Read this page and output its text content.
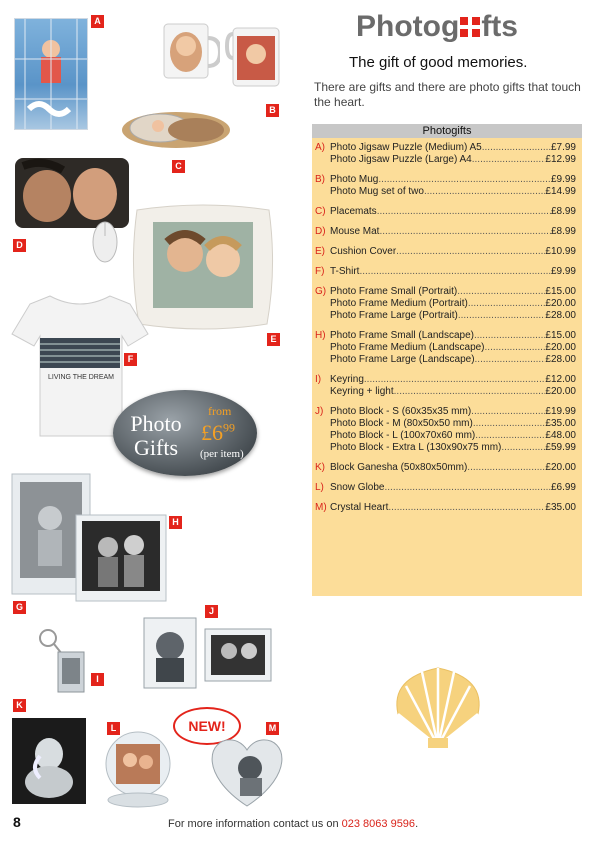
Photog fts
The gift of good memories.
There are gifts and there are photo gifts that touch the heart.
Photogifts
A) Photo Jigsaw Puzzle (Medium) A5 .....	£7.99
Photo Jigsaw Puzzle (Large) A4 .....	£12.99
B) Photo Mug .....	£9.99
Photo Mug set of two .....	£14.99
C) Placemats .....	£8.99
D) Mouse Mat .....	£8.99
E) Cushion Cover .....	£10.99
F) T-Shirt .....	£9.99
G) Photo Frame Small (Portrait) .....	£15.00
Photo Frame Medium (Portrait) .....	£20.00
Photo Frame Large (Portrait) .....	£28.00
H) Photo Frame Small (Landscape) .....	£15.00
Photo Frame Medium (Landscape) .....	£20.00
Photo Frame Large (Landscape) .....	£28.00
I) Keyring .....	£12.00
Keyring + light .....	£20.00
J) Photo Block - S (60x35x35 mm) .....	£19.99
Photo Block - M (80x50x50 mm) .....	£35.00
Photo Block - L (100x70x60 mm) .....	£48.00
Photo Block - Extra L (130x90x75 mm) .....	£59.99
K) Block Ganesha (50x80x50mm) .....	£20.00
L) Snow Globe .....	£6.99
M) Crystal Heart .....	£35.00
A
B
C
D
E
LIVING THE DREAM
F
Photo
Gifts
from
$£6^{99}$
(per item)
G
H
I
J
K
L	NEW!	M
8	For more information contact us on 023 8063 9596.
